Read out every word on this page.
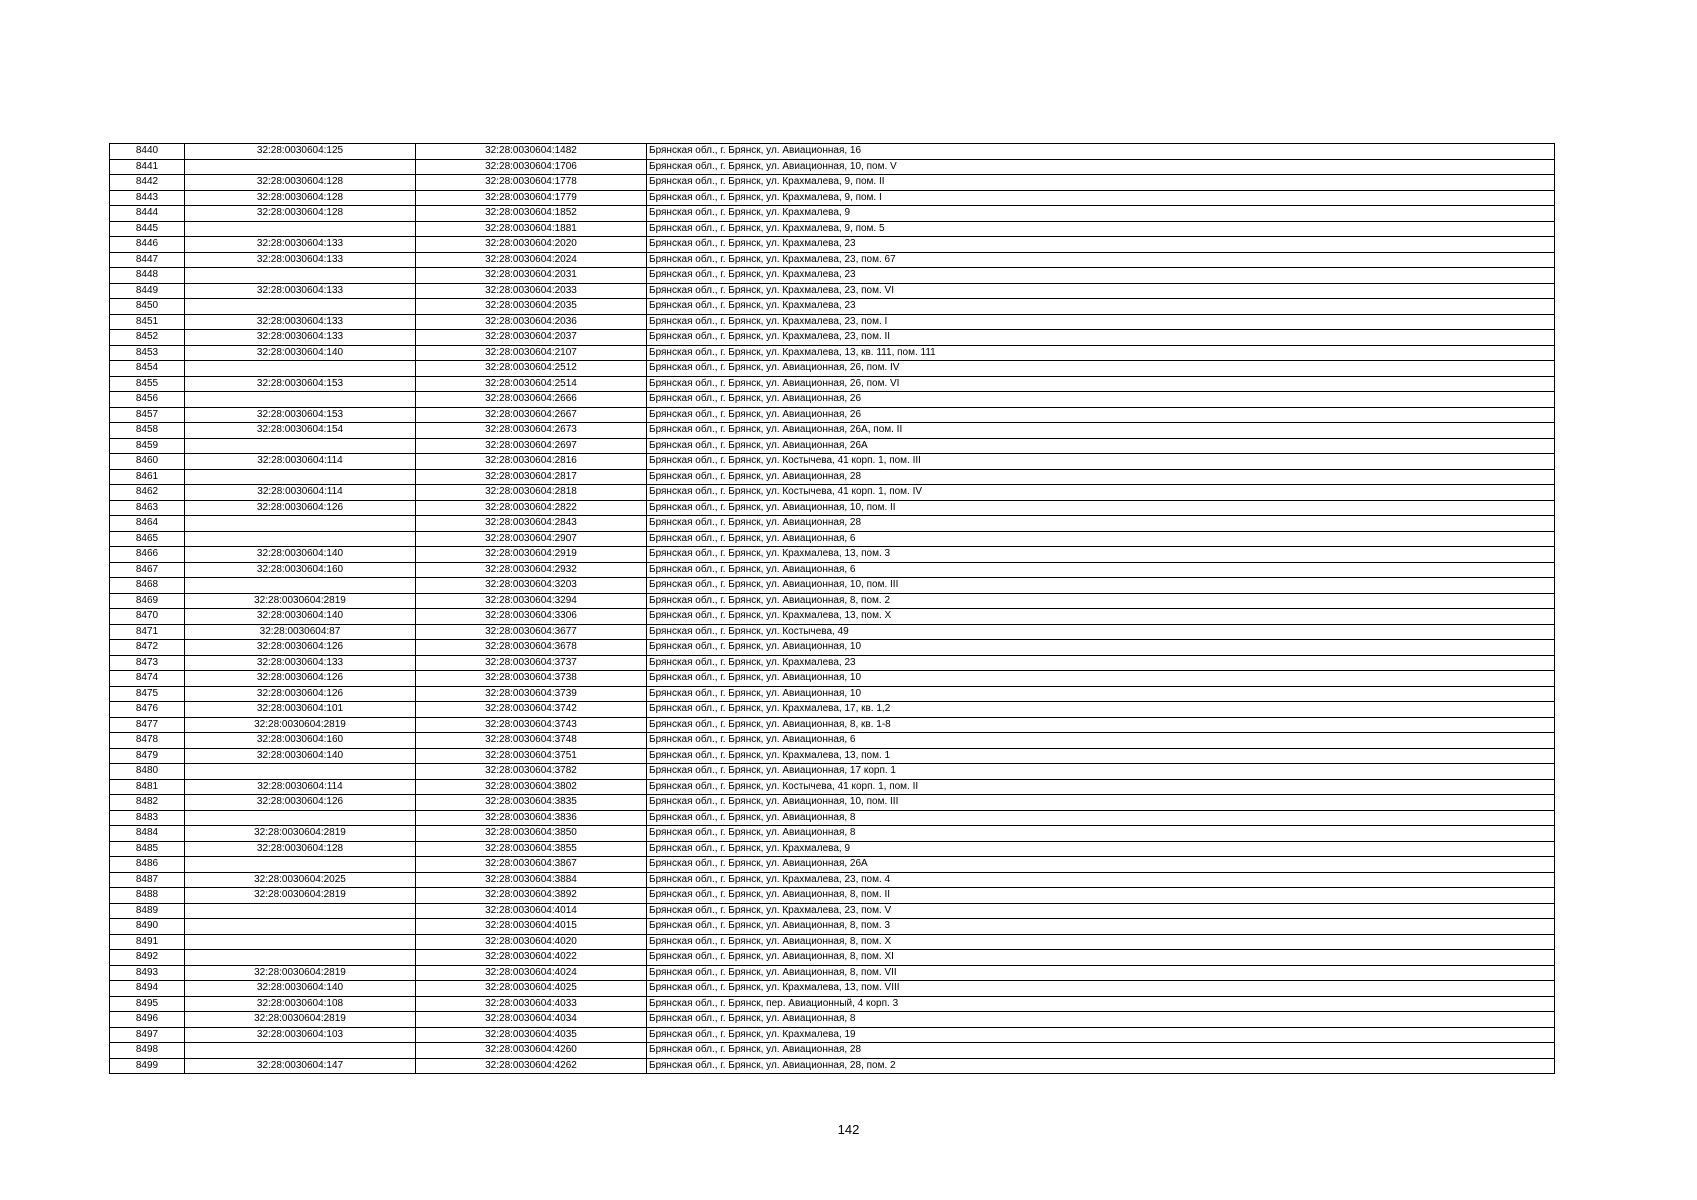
8440	32:28:0030604:125	32:28:0030604:1482	Брянская обл., г. Брянск, ул. Авиационная, 16
8441		32:28:0030604:1706	Брянская обл., г. Брянск, ул. Авиационная, 10, пом. V
8442	32:28:0030604:128	32:28:0030604:1778	Брянская обл., г. Брянск, ул. Крахмалева, 9, пом. II
8443	32:28:0030604:128	32:28:0030604:1779	Брянская обл., г. Брянск, ул. Крахмалева, 9, пом. I
8444	32:28:0030604:128	32:28:0030604:1852	Брянская обл., г. Брянск, ул. Крахмалева, 9
8445		32:28:0030604:1881	Брянская обл., г. Брянск, ул. Крахмалева, 9, пом. 5
8446	32:28:0030604:133	32:28:0030604:2020	Брянская обл., г. Брянск, ул. Крахмалева, 23
8447	32:28:0030604:133	32:28:0030604:2024	Брянская обл., г. Брянск, ул. Крахмалева, 23, пом. 67
8448		32:28:0030604:2031	Брянская обл., г. Брянск, ул. Крахмалева, 23
8449	32:28:0030604:133	32:28:0030604:2033	Брянская обл., г. Брянск, ул. Крахмалева, 23, пом. VI
8450		32:28:0030604:2035	Брянская обл., г. Брянск, ул. Крахмалева, 23
8451	32:28:0030604:133	32:28:0030604:2036	Брянская обл., г. Брянск, ул. Крахмалева, 23, пом. I
8452	32:28:0030604:133	32:28:0030604:2037	Брянская обл., г. Брянск, ул. Крахмалева, 23, пом. II
8453	32:28:0030604:140	32:28:0030604:2107	Брянская обл., г. Брянск, ул. Крахмалева, 13, кв. 111, пом. 111
8454		32:28:0030604:2512	Брянская обл., г. Брянск, ул. Авиационная, 26, пом. IV
8455	32:28:0030604:153	32:28:0030604:2514	Брянская обл., г. Брянск, ул. Авиационная, 26, пом. VI
8456		32:28:0030604:2666	Брянская обл., г. Брянск, ул. Авиационная, 26
8457	32:28:0030604:153	32:28:0030604:2667	Брянская обл., г. Брянск, ул. Авиационная, 26
8458	32:28:0030604:154	32:28:0030604:2673	Брянская обл., г. Брянск, ул. Авиационная, 26А, пом. II
8459		32:28:0030604:2697	Брянская обл., г. Брянск, ул. Авиационная, 26А
8460	32:28:0030604:114	32:28:0030604:2816	Брянская обл., г. Брянск, ул. Костычева, 41 корп. 1, пом. III
8461		32:28:0030604:2817	Брянская обл., г. Брянск, ул. Авиационная, 28
8462	32:28:0030604:114	32:28:0030604:2818	Брянская обл., г. Брянск, ул. Костычева, 41 корп. 1, пом. IV
8463	32:28:0030604:126	32:28:0030604:2822	Брянская обл., г. Брянск, ул. Авиационная, 10, пом. II
8464		32:28:0030604:2843	Брянская обл., г. Брянск, ул. Авиационная, 28
8465		32:28:0030604:2907	Брянская обл., г. Брянск, ул. Авиационная, 6
8466	32:28:0030604:140	32:28:0030604:2919	Брянская обл., г. Брянск, ул. Крахмалева, 13, пом. 3
8467	32:28:0030604:160	32:28:0030604:2932	Брянская обл., г. Брянск, ул. Авиационная, 6
8468		32:28:0030604:3203	Брянская обл., г. Брянск, ул. Авиационная, 10, пом. III
8469	32:28:0030604:2819	32:28:0030604:3294	Брянская обл., г. Брянск, ул. Авиационная, 8, пом. 2
8470	32:28:0030604:140	32:28:0030604:3306	Брянская обл., г. Брянск, ул. Крахмалева, 13, пом. X
8471	32:28:0030604:87	32:28:0030604:3677	Брянская обл., г. Брянск, ул. Костычева, 49
8472	32:28:0030604:126	32:28:0030604:3678	Брянская обл., г. Брянск, ул. Авиационная, 10
8473	32:28:0030604:133	32:28:0030604:3737	Брянская обл., г. Брянск, ул. Крахмалева, 23
8474	32:28:0030604:126	32:28:0030604:3738	Брянская обл., г. Брянск, ул. Авиационная, 10
8475	32:28:0030604:126	32:28:0030604:3739	Брянская обл., г. Брянск, ул. Авиационная, 10
8476	32:28:0030604:101	32:28:0030604:3742	Брянская обл., г. Брянск, ул. Крахмалева, 17, кв. 1,2
8477	32:28:0030604:2819	32:28:0030604:3743	Брянская обл., г. Брянск, ул. Авиационная, 8, кв. 1-8
8478	32:28:0030604:160	32:28:0030604:3748	Брянская обл., г. Брянск, ул. Авиационная, 6
8479	32:28:0030604:140	32:28:0030604:3751	Брянская обл., г. Брянск, ул. Крахмалева, 13, пом. 1
8480		32:28:0030604:3782	Брянская обл., г. Брянск, ул. Авиационная, 17 корп. 1
8481	32:28:0030604:114	32:28:0030604:3802	Брянская обл., г. Брянск, ул. Костычева, 41 корп. 1, пом. II
8482	32:28:0030604:126	32:28:0030604:3835	Брянская обл., г. Брянск, ул. Авиационная, 10, пом. III
8483		32:28:0030604:3836	Брянская обл., г. Брянск, ул. Авиационная, 8
8484	32:28:0030604:2819	32:28:0030604:3850	Брянская обл., г. Брянск, ул. Авиационная, 8
8485	32:28:0030604:128	32:28:0030604:3855	Брянская обл., г. Брянск, ул. Крахмалева, 9
8486		32:28:0030604:3867	Брянская обл., г. Брянск, ул. Авиационная, 26А
8487	32:28:0030604:2025	32:28:0030604:3884	Брянская обл., г. Брянск, ул. Крахмалева, 23, пом. 4
8488	32:28:0030604:2819	32:28:0030604:3892	Брянская обл., г. Брянск, ул. Авиационная, 8, пом. II
8489		32:28:0030604:4014	Брянская обл., г. Брянск, ул. Крахмалева, 23, пом. V
8490		32:28:0030604:4015	Брянская обл., г. Брянск, ул. Авиационная, 8, пом. 3
8491		32:28:0030604:4020	Брянская обл., г. Брянск, ул. Авиационная, 8, пом. X
8492		32:28:0030604:4022	Брянская обл., г. Брянск, ул. Авиационная, 8, пом. XI
8493	32:28:0030604:2819	32:28:0030604:4024	Брянская обл., г. Брянск, ул. Авиационная, 8, пом. VII
8494	32:28:0030604:140	32:28:0030604:4025	Брянская обл., г. Брянск, ул. Крахмалева, 13, пом. VIII
8495	32:28:0030604:108	32:28:0030604:4033	Брянская обл., г. Брянск, пер. Авиационный, 4 корп. 3
8496	32:28:0030604:2819	32:28:0030604:4034	Брянская обл., г. Брянск, ул. Авиационная, 8
8497	32:28:0030604:103	32:28:0030604:4035	Брянская обл., г. Брянск, ул. Крахмалева, 19
8498		32:28:0030604:4260	Брянская обл., г. Брянск, ул. Авиационная, 28
8499	32:28:0030604:147	32:28:0030604:4262	Брянская обл., г. Брянск, ул. Авиационная, 28, пом. 2
142
